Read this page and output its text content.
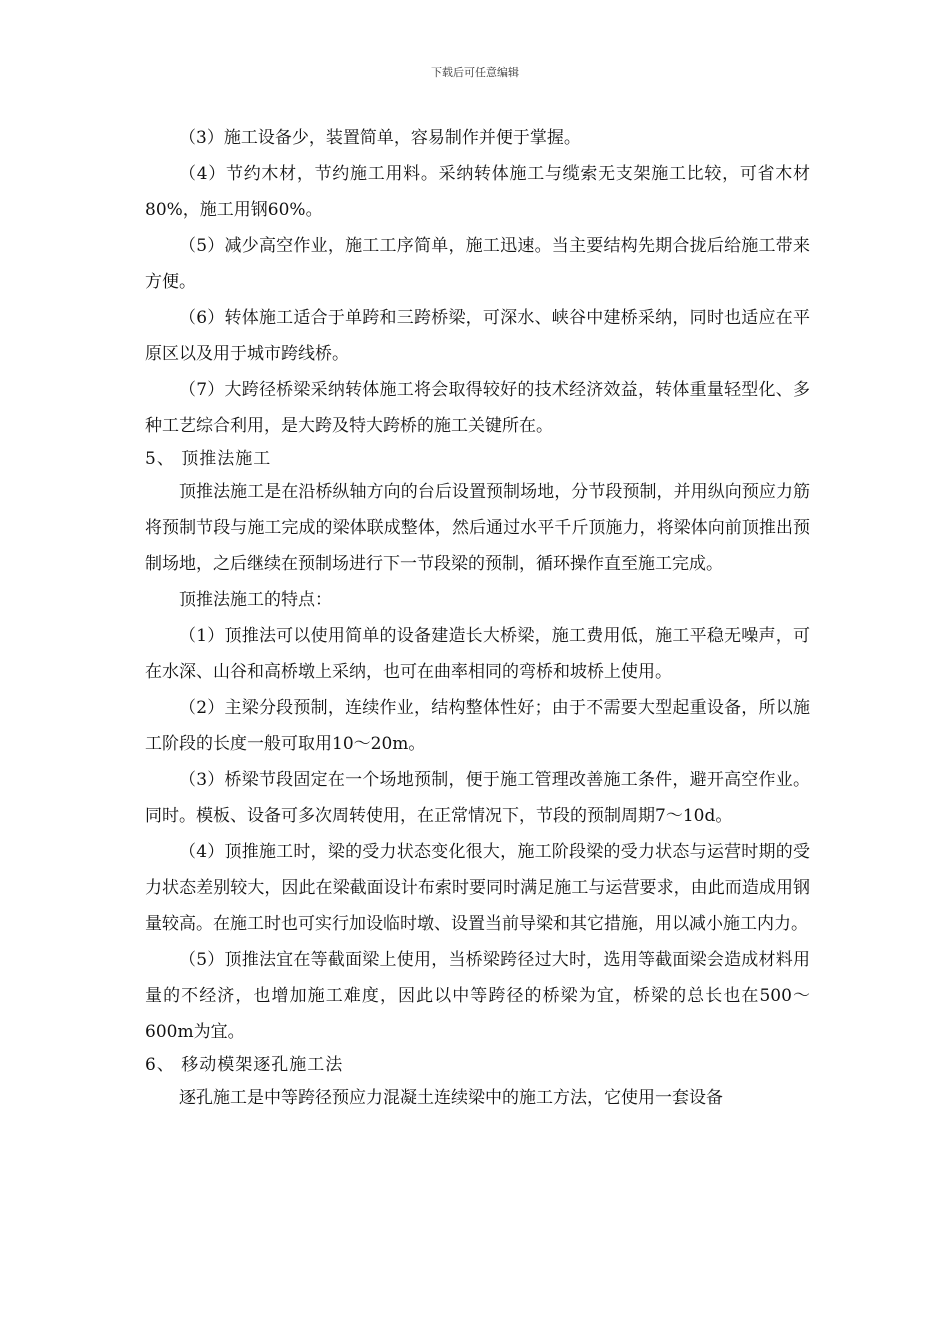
下载后可任意编辑

（3）施工设备少，装置简单，容易制作并便于掌握。

（4）节约木材，节约施工用料。采纳转体施工与缆索无支架施工比较，可省木材80%，施工用钢60%。

（5）减少高空作业，施工工序简单，施工迅速。当主要结构先期合拢后给施工带来方便。

（6）转体施工适合于单跨和三跨桥梁，可深水、峡谷中建桥采纳，同时也适应在平原区以及用于城市跨线桥。

（7）大跨径桥梁采纳转体施工将会取得较好的技术经济效益，转体重量轻型化、多种工艺综合利用，是大跨及特大跨桥的施工关键所在。

5、 顶推法施工

顶推法施工是在沿桥纵轴方向的台后设置预制场地，分节段预制，并用纵向预应力筋将预制节段与施工完成的梁体联成整体，然后通过水平千斤顶施力，将梁体向前顶推出预制场地，之后继续在预制场进行下一节段梁的预制，循环操作直至施工完成。

顶推法施工的特点：

（1）顶推法可以使用简单的设备建造长大桥梁，施工费用低，施工平稳无噪声，可在水深、山谷和高桥墩上采纳，也可在曲率相同的弯桥和坡桥上使用。

（2）主梁分段预制，连续作业，结构整体性好；由于不需要大型起重设备，所以施工阶段的长度一般可取用10～20m。

（3）桥梁节段固定在一个场地预制，便于施工管理改善施工条件，避开高空作业。同时。模板、设备可多次周转使用，在正常情况下，节段的预制周期7～10d。

（4）顶推施工时，梁的受力状态变化很大，施工阶段梁的受力状态与运营时期的受力状态差别较大，因此在梁截面设计布索时要同时满足施工与运营要求，由此而造成用钢量较高。在施工时也可实行加设临时墩、设置当前导梁和其它措施，用以减小施工内力。

（5）顶推法宜在等截面梁上使用，当桥梁跨径过大时，选用等截面梁会造成材料用量的不经济，也增加施工难度，因此以中等跨径的桥梁为宜，桥梁的总长也在500～600m为宜。

6、 移动模架逐孔施工法

逐孔施工是中等跨径预应力混凝土连续梁中的施工方法，它使用一套设备
